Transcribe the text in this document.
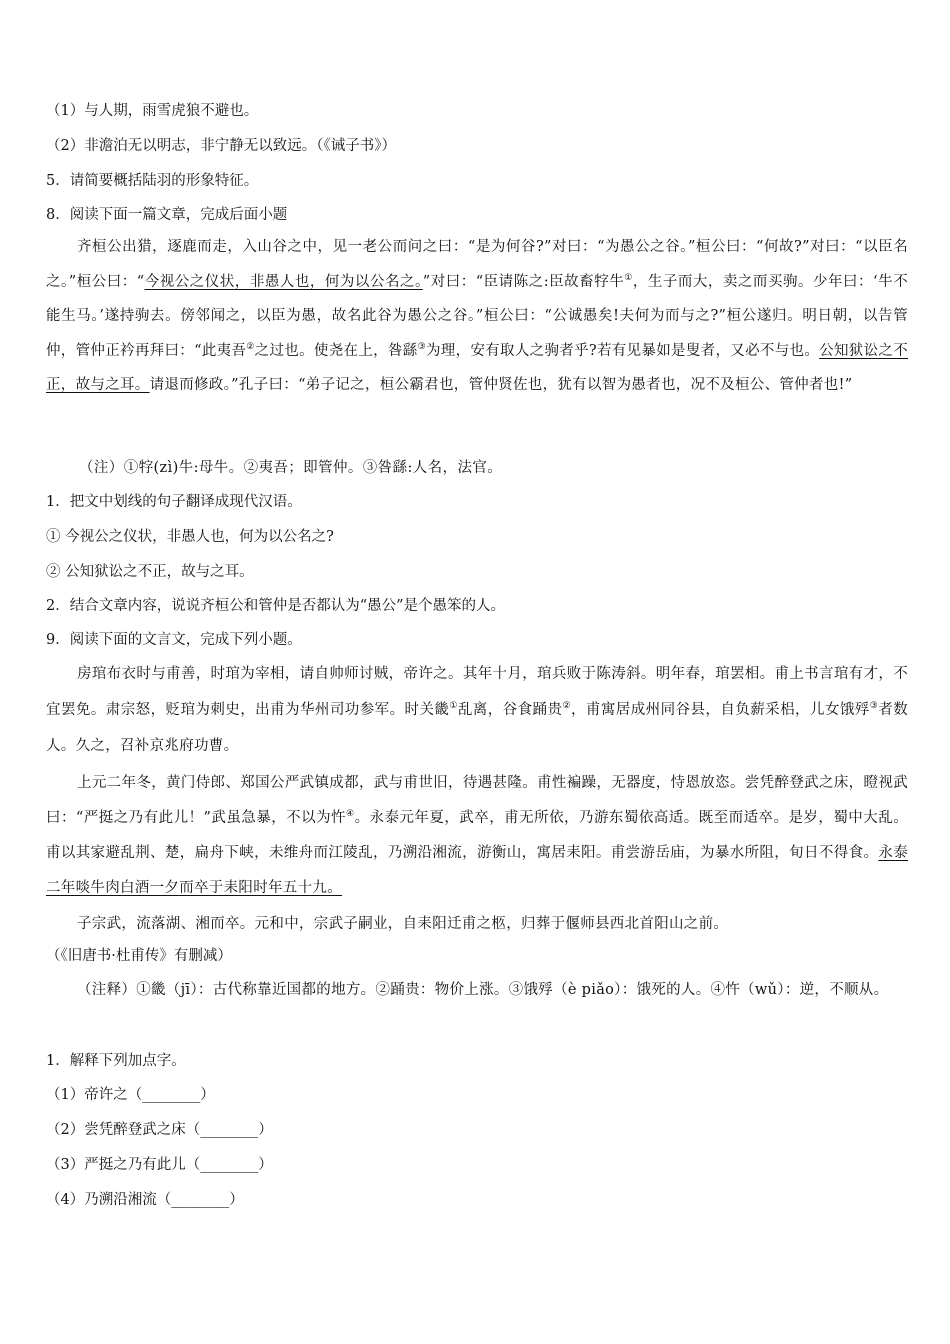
（1）与人期，雨雪虎狼不避也。
（2）非澹泊无以明志，非宁静无以致远。（《诫子书》）
5．请简要概括陆羽的形象特征。
8．阅读下面一篇文章，完成后面小题
齐桓公出猎，逐鹿而走，入山谷之中，见一老公而问之曰：“是为何谷?”对曰：“为愚公之谷。”桓公曰：“何故?”对曰：“以臣名之。”桓公曰：“今视公之仪状，非愚人也，何为以公名之。”对曰：“臣请陈之:臣故畜牸牛①，生子而大，卖之而买驹。少年曰：‘牛不能生马。’遂持驹去。傍邻闻之，以臣为愚，故名此谷为愚公之谷。”桓公曰：“公诚愚矣!夫何为而与之?”桓公遂归。明日朝，以告管仲，管仲正衿再拜曰：“此夷吾②之过也。使尧在上，咎繇③为理，安有取人之驹者乎?若有见暴如是叟者，又必不与也。公知狱讼之不正，故与之耳。请退而修政。”孔子曰：“弟子记之，桓公霸君也，管仲贤佐也，犹有以智为愚者也，况不及桓公、管仲者也!”
（注）①牸(zì)牛:母牛。②夷吾；即管仲。③咎繇:人名，法官。
1．把文中划线的句子翻译成现代汉语。
① 今视公之仪状，非愚人也，何为以公名之?
② 公知狱讼之不正，故与之耳。
2．结合文章内容，说说齐桓公和管仲是否都认为“愚公”是个愚笨的人。
9．阅读下面的文言文，完成下列小题。
房琯布衣时与甫善，时琯为宰相，请自帅师讨贼，帝许之。其年十月，琯兵败于陈涛斜。明年春，琯罢相。甫上书言琯有才，不宜罢免。肃宗怒，贬琯为刺史，出甫为华州司功参军。时关畿①乱离，谷食踊贵②，甫寓居成州同谷县，自负薪采梠，儿女饿殍③者数人。久之，召补京兆府功曹。
上元二年冬，黄门侍郎、郑国公严武镇成都，武与甫世旧，待遇甚隆。甫性褊躁，无器度，恃恩放恣。尝凭醉登武之床，瞪视武曰：“严挺之乃有此儿！”武虽急暴，不以为忤④。永泰元年夏，武卒，甫无所依，乃游东蜀依高适。既至而适卒。是岁，蜀中大乱。甫以其家避乱荆、楚，扁舟下峡，未维舟而江陵乱，乃溯沿湘流，游衡山，寓居耒阳。甫尝游岳庙，为暴水所阻，旬日不得食。永泰二年啖牛肉白酒一夕而卒于耒阳时年五十九。
子宗武，流落湖、湘而卒。元和中，宗武子嗣业，自耒阳迁甫之柩，归葬于偃师县西北首阳山之前。
（《旧唐书·杜甫传》有删减）
（注释）①畿（jī）：古代称靠近国都的地方。②踊贵：物价上涨。③饿殍（è piǎo）：饿死的人。④忤（wǔ）：逆，不顺从。
1．解释下列加点字。
（1）帝许之（________）
（2）尝凭醉登武之床（________）
（3）严挺之乃有此儿（________）
（4）乃溯沿湘流（________）
